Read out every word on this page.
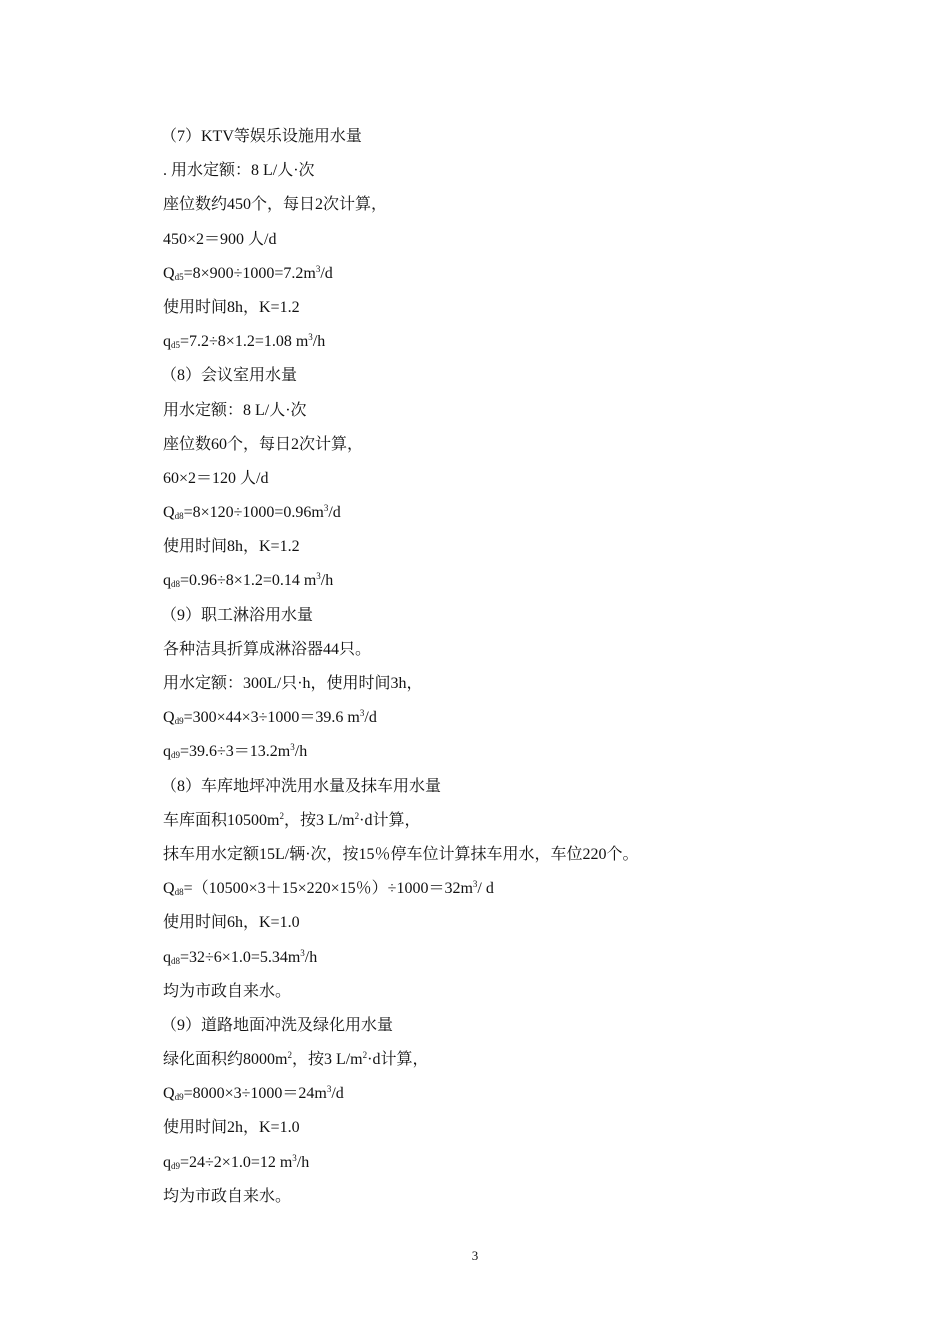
（7）KTV等娱乐设施用水量
. 用水定额：8 L/人·次
座位数约450个，每日2次计算，
450×2＝900 人/d
$Q_{d5}=8\times 900\div 1000=7.2m^3/d$
使用时间8h，K=1.2
$q_{d5}=7.2\div 8\times 1.2=1.08$ $m^3/h$
（8）会议室用水量
用水定额：8 L/人·次
座位数60个，每日2次计算，
60×2＝120 人/d
$Q_{d8}=8\times 120\div 1000=0.96m^3/d$
使用时间8h，K=1.2
$q_{d8}=0.96\div 8\times 1.2=0.14$ $m^3/h$
（9）职工淋浴用水量
各种洁具折算成淋浴器44只。
用水定额：300L/只·h，使用时间3h，
$Q_{d9}=300\times 44\times 3\div 1000=39.6$ $m^3/d$
$q_{d9}=39.6\div 3=13.2m^3/h$
（8）车库地坪冲洗用水量及抹车用水量
车库面积$10500m^2$，按3 $L/m^2\cdot d$计算，
抹车用水定额15L/辆·次，按15％停车位计算抹车用水，车位220个。
$Q_{d8}=(10500\times 3+15\times 220\times 15$％）$\div 1000=32m^3/$ d
使用时间6h，K=1.0
$q_{d8}=32\div 6\times 1.0=5.34m^3/h$
均为市政自来水。
（9）道路地面冲洗及绿化用水量
绿化面积约$8000m^2$，按3 $L/m^2\cdot d$计算，
$Q_{d9}=8000\times 3\div 1000=24m^3/d$
使用时间2h，K=1.0
$q_{d9}=24\div 2\times 1.0=12$ $m^3/h$
均为市政自来水。
3
